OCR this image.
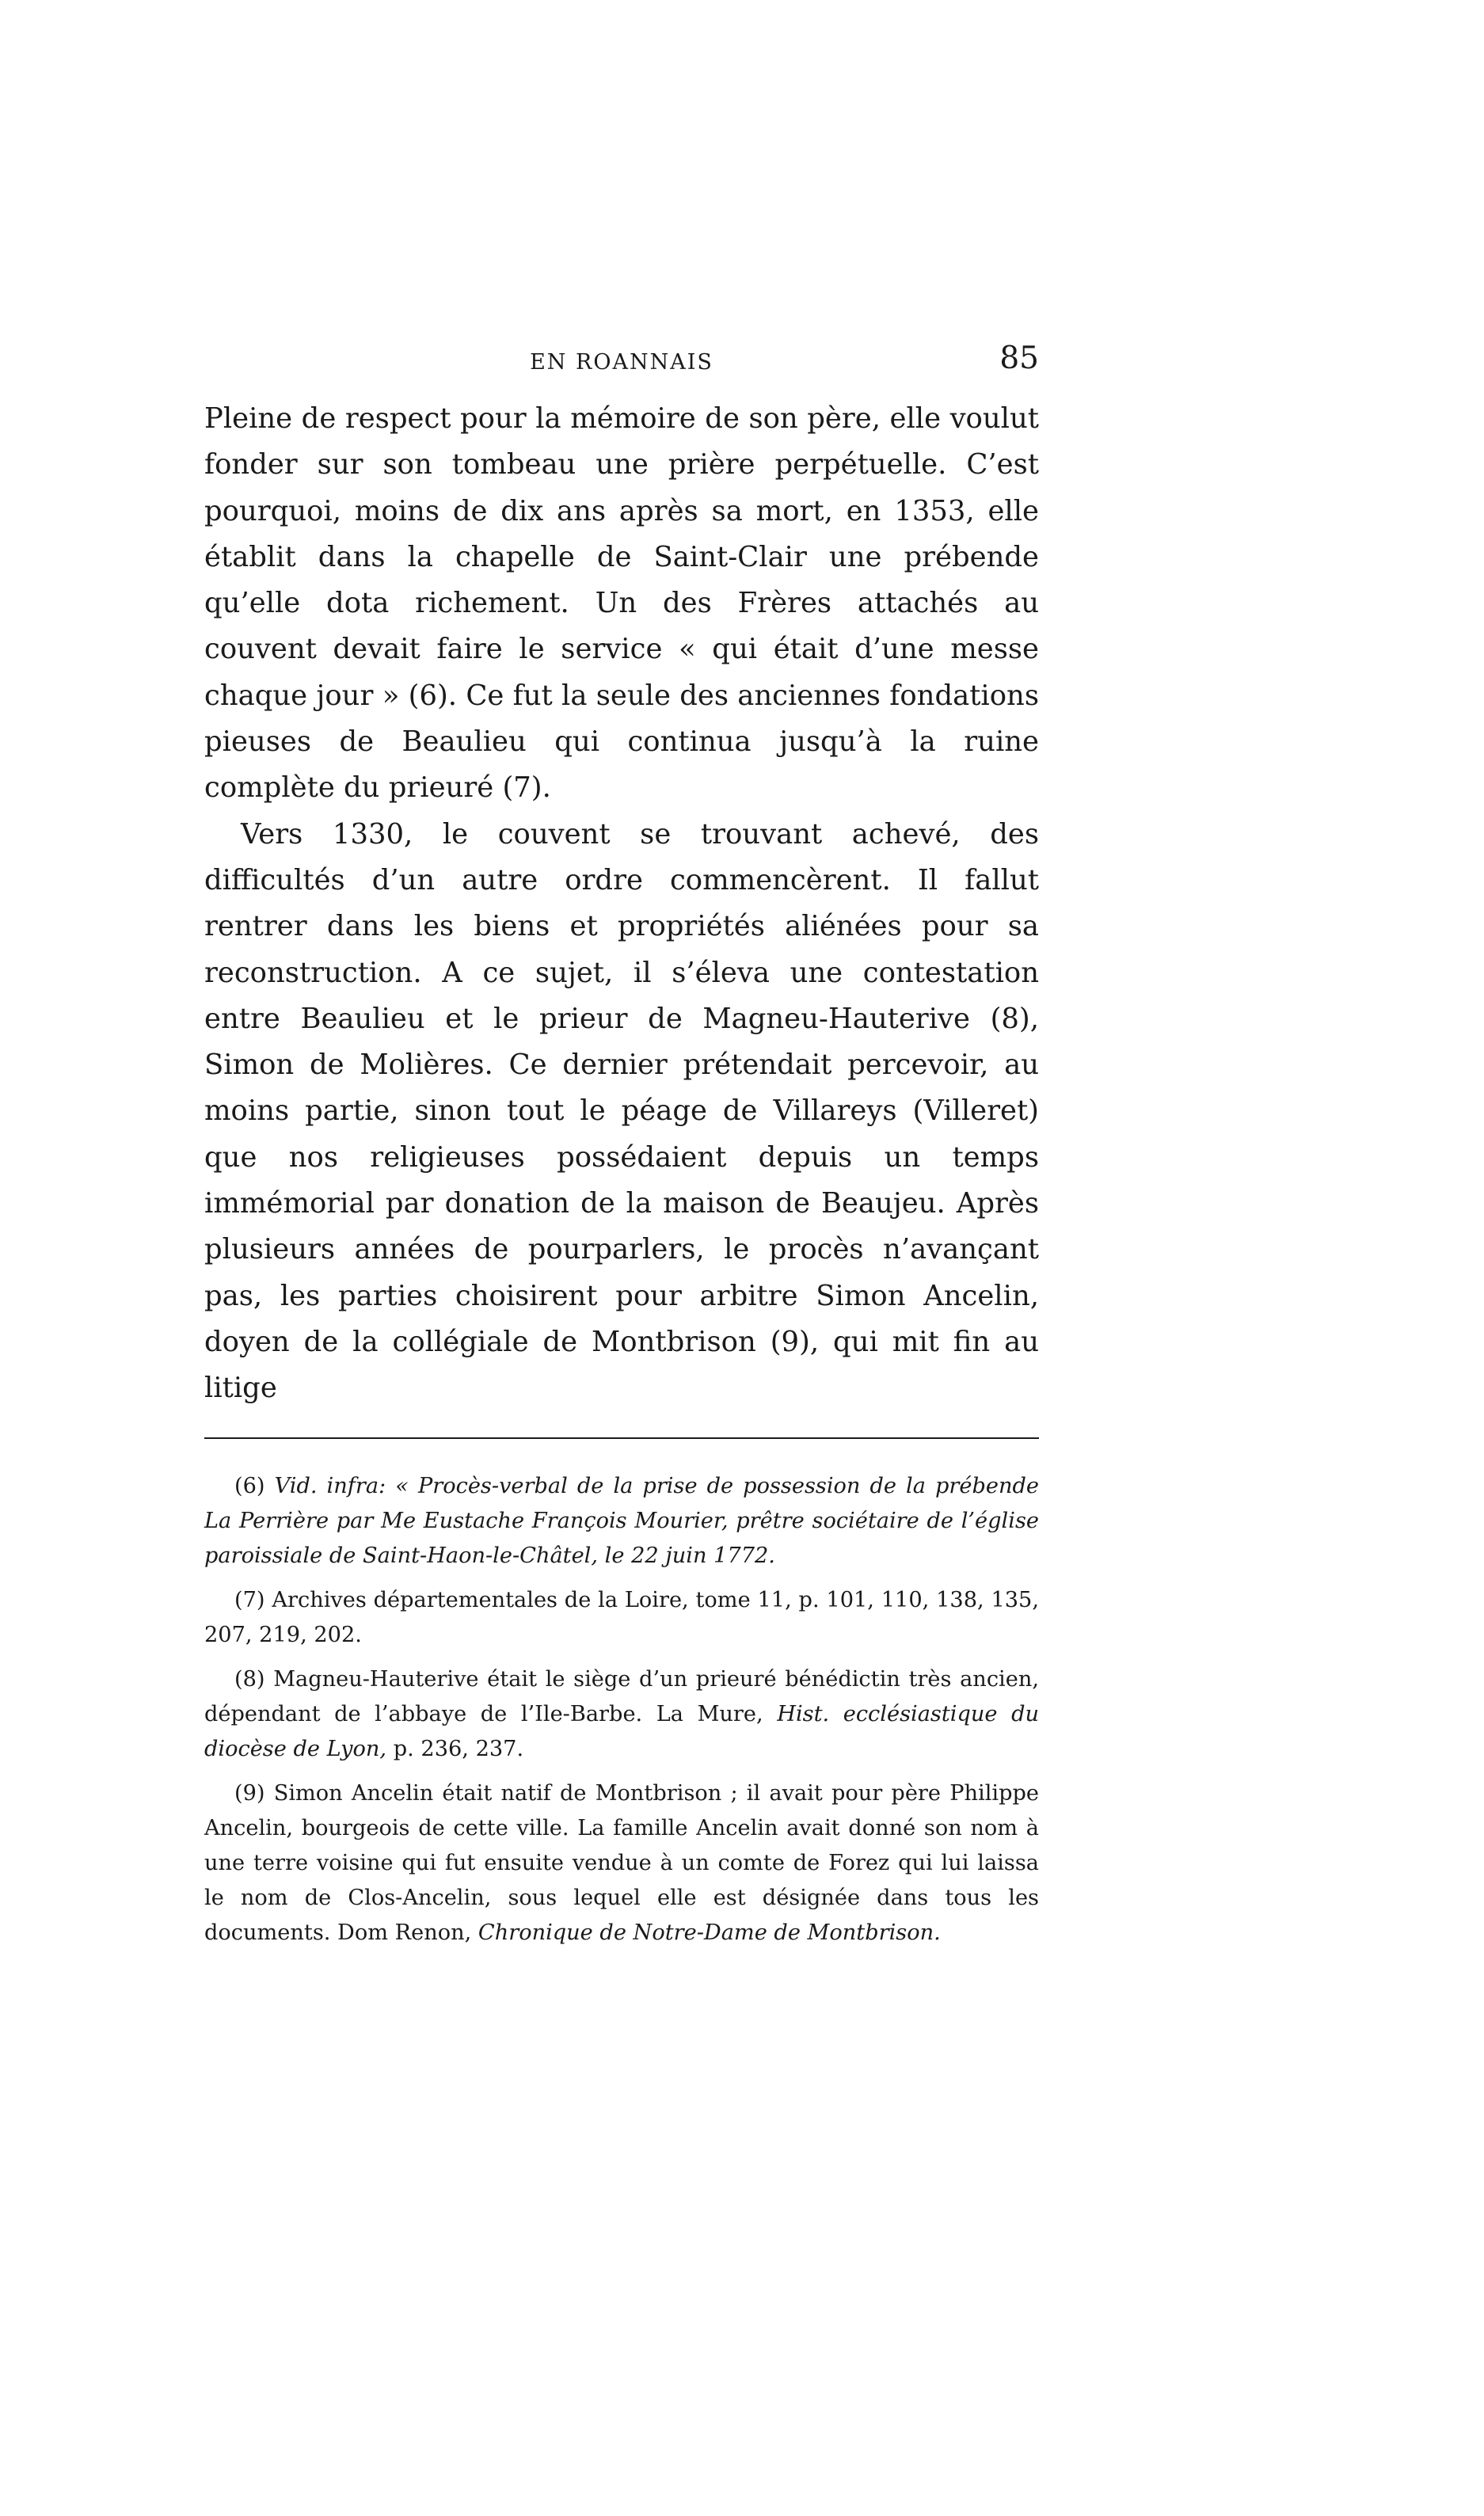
EN ROANNAIS	85

Pleine de respect pour la mémoire de son père, elle voulut fonder sur son tombeau une prière perpétuelle. C’est pourquoi, moins de dix ans après sa mort, en 1353, elle établit dans la chapelle de Saint-Clair une prébende qu’elle dota richement. Un des Frères attachés au couvent devait faire le service « qui était d’une messe chaque jour » (6). Ce fut la seule des anciennes fondations pieuses de Beaulieu qui continua jusqu’à la ruine complète du prieuré (7).

Vers 1330, le couvent se trouvant achevé, des difficultés d’un autre ordre commencèrent. Il fallut rentrer dans les biens et propriétés aliénées pour sa reconstruction. A ce sujet, il s’éleva une contestation entre Beaulieu et le prieur de Magneu-Hauterive (8), Simon de Molières. Ce dernier prétendait percevoir, au moins partie, sinon tout le péage de Villareys (Villeret) que nos religieuses possédaient depuis un temps immémorial par donation de la maison de Beaujeu. Après plusieurs années de pourparlers, le procès n’avançant pas, les parties choisirent pour arbitre Simon Ancelin, doyen de la collégiale de Montbrison (9), qui mit fin au litige

(6) Vid. infra: « Procès-verbal de la prise de possession de la prébende La Perrière par Me Eustache François Mourier, prêtre sociétaire de l’église paroissiale de Saint-Haon-le-Châtel, le 22 juin 1772.

(7) Archives départementales de la Loire, tome 11, p. 101, 110, 138, 135, 207, 219, 202.

(8) Magneu-Hauterive était le siège d’un prieuré bénédictin très ancien, dépendant de l’abbaye de l’Ile-Barbe. La Mure, Hist. ecclésiastique du diocèse de Lyon, p. 236, 237.

(9) Simon Ancelin était natif de Montbrison ; il avait pour père Philippe Ancelin, bourgeois de cette ville. La famille Ancelin avait donné son nom à une terre voisine qui fut ensuite vendue à un comte de Forez qui lui laissa le nom de Clos-Ancelin, sous lequel elle est désignée dans tous les documents. Dom Renon, Chronique de Notre-Dame de Montbrison.
